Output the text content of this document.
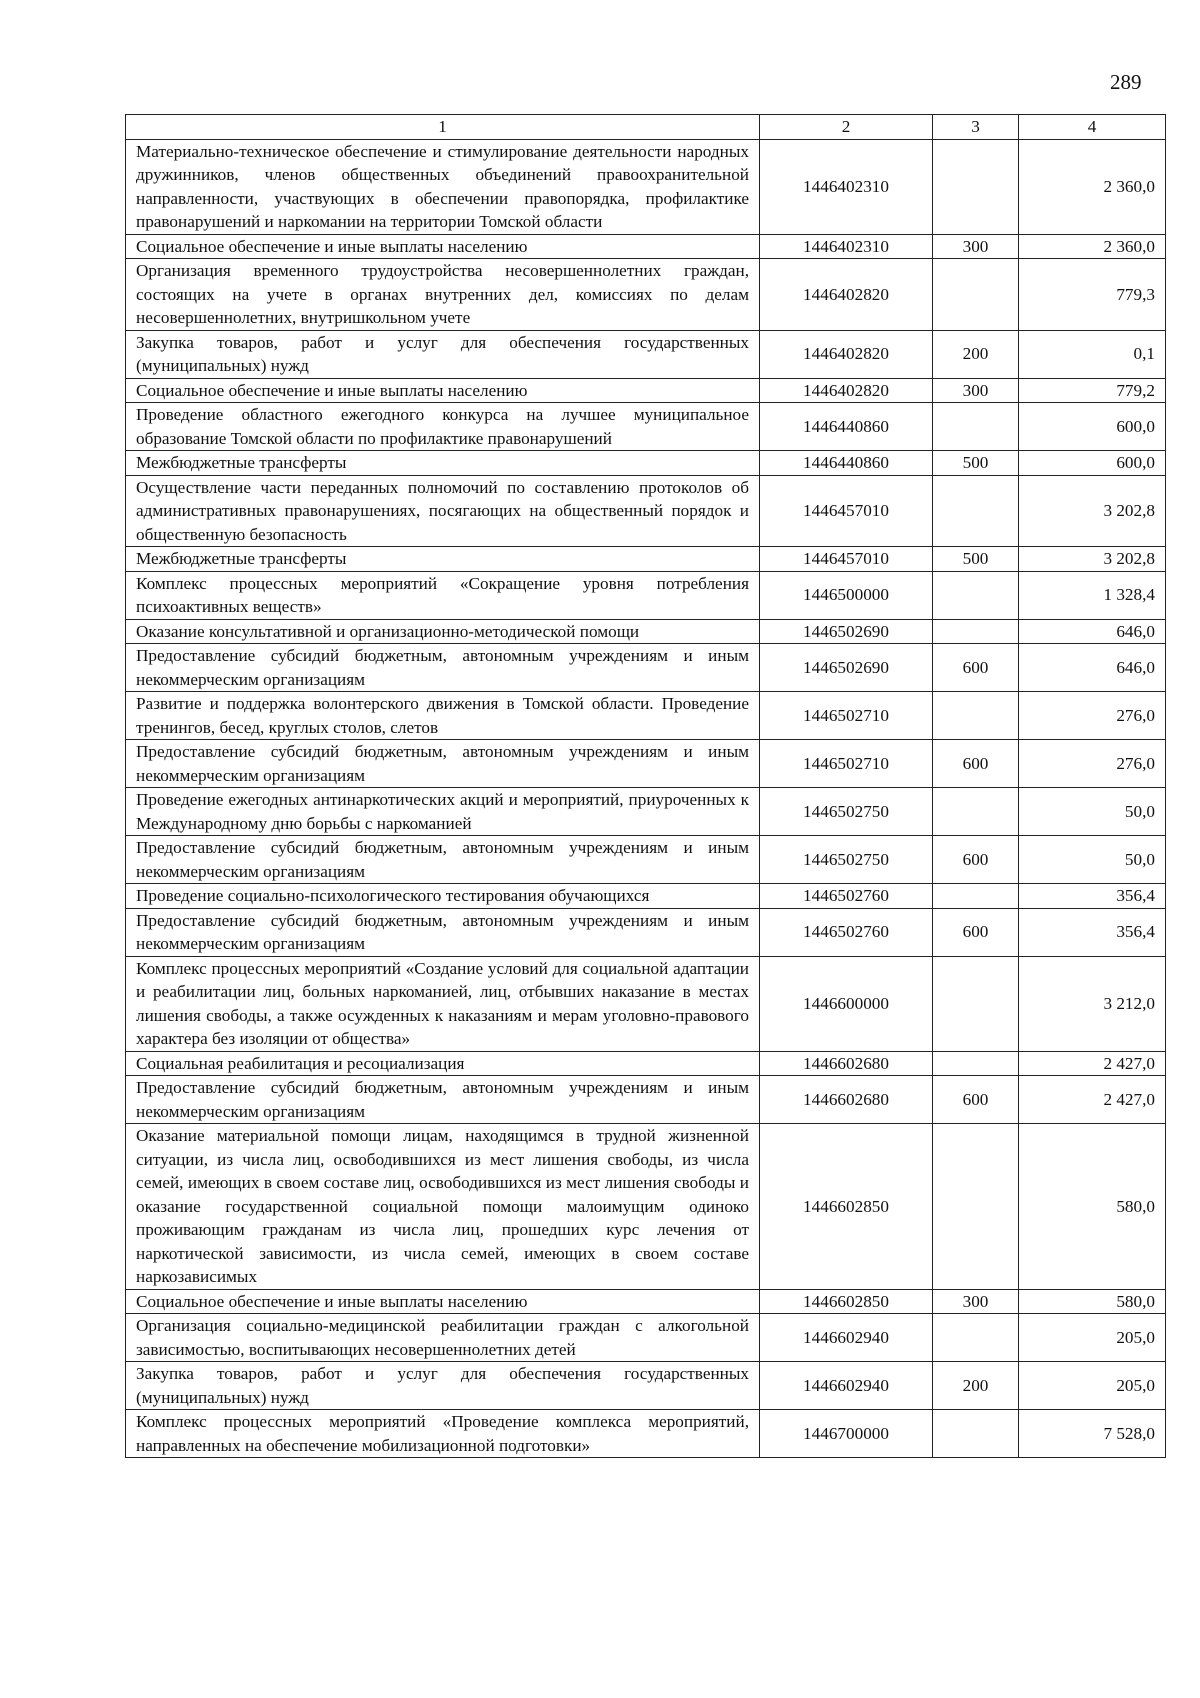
289
1	2	3	4
Материально-техническое обеспечение и стимулирование деятельности народных дружинников, членов общественных объединений правоохранительной направленности, участвующих в обеспечении правопорядка, профилактике правонарушений и наркомании на территории Томской области	1446402310		2 360,0
Социальное обеспечение и иные выплаты населению	1446402310	300	2 360,0
Организация временного трудоустройства несовершеннолетних граждан, состоящих на учете в органах внутренних дел, комиссиях по делам несовершеннолетних, внутришкольном учете	1446402820		779,3
Закупка товаров, работ и услуг для обеспечения государственных (муниципальных) нужд	1446402820	200	0,1
Социальное обеспечение и иные выплаты населению	1446402820	300	779,2
Проведение областного ежегодного конкурса на лучшее муниципальное образование Томской области по профилактике правонарушений	1446440860		600,0
Межбюджетные трансферты	1446440860	500	600,0
Осуществление части переданных полномочий по составлению протоколов об административных правонарушениях, посягающих на общественный порядок и общественную безопасность	1446457010		3 202,8
Межбюджетные трансферты	1446457010	500	3 202,8
Комплекс процессных мероприятий «Сокращение уровня потребления психоактивных веществ»	1446500000		1 328,4
Оказание консультативной и организационно-методической помощи	1446502690		646,0
Предоставление субсидий бюджетным, автономным учреждениям и иным некоммерческим организациям	1446502690	600	646,0
Развитие и поддержка волонтерского движения в Томской области. Проведение тренингов, бесед, круглых столов, слетов	1446502710		276,0
Предоставление субсидий бюджетным, автономным учреждениям и иным некоммерческим организациям	1446502710	600	276,0
Проведение ежегодных антинаркотических акций и мероприятий, приуроченных к Международному дню борьбы с наркоманией	1446502750		50,0
Предоставление субсидий бюджетным, автономным учреждениям и иным некоммерческим организациям	1446502750	600	50,0
Проведение социально-психологического тестирования обучающихся	1446502760		356,4
Предоставление субсидий бюджетным, автономным учреждениям и иным некоммерческим организациям	1446502760	600	356,4
Комплекс процессных мероприятий «Создание условий для социальной адаптации и реабилитации лиц, больных наркоманией, лиц, отбывших наказание в местах лишения свободы, а также осужденных к наказаниям и мерам уголовно-правового характера без изоляции от общества»	1446600000		3 212,0
Социальная реабилитация и ресоциализация	1446602680		2 427,0
Предоставление субсидий бюджетным, автономным учреждениям и иным некоммерческим организациям	1446602680	600	2 427,0
Оказание материальной помощи лицам, находящимся в трудной жизненной ситуации, из числа лиц, освободившихся из мест лишения свободы, из числа семей, имеющих в своем составе лиц, освободившихся из мест лишения свободы и оказание государственной социальной помощи малоимущим одиноко проживающим гражданам из числа лиц, прошедших курс лечения от наркотической зависимости, из числа семей, имеющих в своем составе наркозависимых	1446602850		580,0
Социальное обеспечение и иные выплаты населению	1446602850	300	580,0
Организация социально-медицинской реабилитации граждан с алкогольной зависимостью, воспитывающих несовершеннолетних детей	1446602940		205,0
Закупка товаров, работ и услуг для обеспечения государственных (муниципальных) нужд	1446602940	200	205,0
Комплекс процессных мероприятий «Проведение комплекса мероприятий, направленных на обеспечение мобилизационной подготовки»	1446700000		7 528,0
